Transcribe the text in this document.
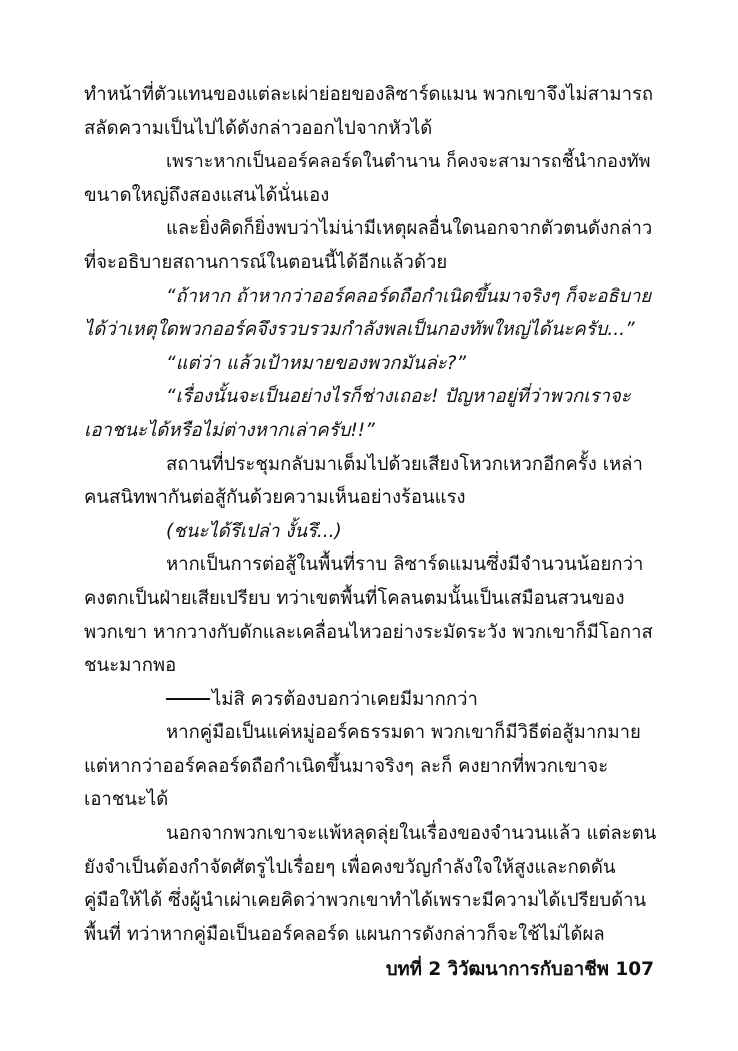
ทำหน้าที่ตัวแทนของแต่ละเผ่าย่อยของลิซาร์ดแมน พวกเขาจึงไม่สามารถ
สลัดความเป็นไปได้ดังกล่าวออกไปจากหัวได้
เพราะหากเป็นออร์คลอร์ดในตำนาน ก็คงจะสามารถชี้นำกองทัพ
ขนาดใหญ่ถึงสองแสนได้นั่นเอง
และยิ่งคิดก็ยิ่งพบว่าไม่น่ามีเหตุผลอื่นใดนอกจากตัวตนดังกล่าว
ที่จะอธิบายสถานการณ์ในตอนนี้ได้อีกแล้วด้วย
“ถ้าหาก ถ้าหากว่าออร์คลอร์ดถือกำเนิดขึ้นมาจริงๆ ก็จะอธิบาย
ได้ว่าเหตุใดพวกออร์คจึงรวบรวมกำลังพลเป็นกองทัพใหญ่ได้นะครับ...”
“แต่ว่า แล้วเป้าหมายของพวกมันล่ะ?”
“เรื่องนั้นจะเป็นอย่างไรก็ช่างเถอะ! ปัญหาอยู่ที่ว่าพวกเราจะ
เอาชนะได้หรือไม่ต่างหากเล่าครับ!!”
สถานที่ประชุมกลับมาเต็มไปด้วยเสียงโหวกเหวกอีกครั้ง เหล่า
คนสนิทพากันต่อสู้กันด้วยความเห็นอย่างร้อนแรง
(ชนะได้รึเปล่า งั้นรึ...)
หากเป็นการต่อสู้ในพื้นที่ราบ ลิซาร์ดแมนซึ่งมีจำนวนน้อยกว่า
คงตกเป็นฝ่ายเสียเปรียบ ทว่าเขตพื้นที่โคลนตมนั้นเป็นเสมือนสวนของ
พวกเขา หากวางกับดักและเคลื่อนไหวอย่างระมัดระวัง พวกเขาก็มีโอกาส
ชนะมากพอ
ไม่สิ ควรต้องบอกว่าเคยมีมากกว่า
หากคู่มือเป็นแค่หมู่ออร์คธรรมดา พวกเขาก็มีวิธีต่อสู้มากมาย
แต่หากว่าออร์คลอร์ดถือกำเนิดขึ้นมาจริงๆ ละก็ คงยากที่พวกเขาจะ
เอาชนะได้
นอกจากพวกเขาจะแพ้หลุดลุ่ยในเรื่องของจำนวนแล้ว แต่ละตน
ยังจำเป็นต้องกำจัดศัตรูไปเรื่อยๆ เพื่อคงขวัญกำลังใจให้สูงและกดดัน
คู่มือให้ได้ ซึ่งผู้นำเผ่าเคยคิดว่าพวกเขาทำได้เพราะมีความได้เปรียบด้าน
พื้นที่ ทว่าหากคู่มือเป็นออร์คลอร์ด แผนการดังกล่าวก็จะใช้ไม่ได้ผล
บทที่ 2 วิวัฒนาการกับอาชีพ 107
